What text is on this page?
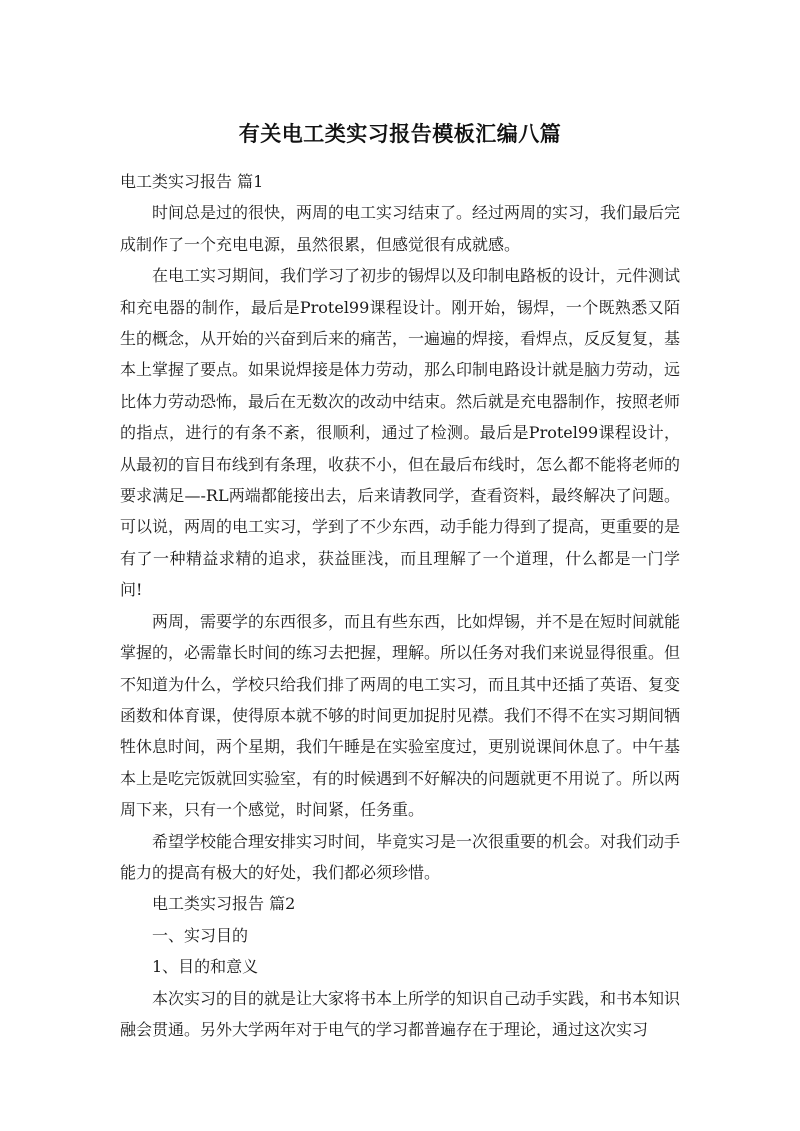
有关电工类实习报告模板汇编八篇

电工类实习报告 篇1

时间总是过的很快，两周的电工实习结束了。经过两周的实习，我们最后完成制作了一个充电电源，虽然很累，但感觉很有成就感。

在电工实习期间，我们学习了初步的锡焊以及印制电路板的设计，元件测试和充电器的制作，最后是Protel99课程设计。刚开始，锡焊，一个既熟悉又陌生的概念，从开始的兴奋到后来的痛苦，一遍遍的焊接，看焊点，反反复复，基本上掌握了要点。如果说焊接是体力劳动，那么印制电路设计就是脑力劳动，远比体力劳动恐怖，最后在无数次的改动中结束。然后就是充电器制作，按照老师的指点，进行的有条不紊，很顺利，通过了检测。最后是Protel99课程设计，从最初的盲目布线到有条理，收获不小，但在最后布线时，怎么都不能将老师的要求满足—-RL两端都能接出去，后来请教同学，查看资料，最终解决了问题。可以说，两周的电工实习，学到了不少东西，动手能力得到了提高，更重要的是有了一种精益求精的追求，获益匪浅，而且理解了一个道理，什么都是一门学问!

两周，需要学的东西很多，而且有些东西，比如焊锡，并不是在短时间就能掌握的，必需靠长时间的练习去把握，理解。所以任务对我们来说显得很重。但不知道为什么，学校只给我们排了两周的电工实习，而且其中还插了英语、复变函数和体育课，使得原本就不够的时间更加捉肘见襟。我们不得不在实习期间牺牲休息时间，两个星期，我们午睡是在实验室度过，更别说课间休息了。中午基本上是吃完饭就回实验室，有的时候遇到不好解决的问题就更不用说了。所以两周下来，只有一个感觉，时间紧，任务重。

希望学校能合理安排实习时间，毕竟实习是一次很重要的机会。对我们动手能力的提高有极大的好处，我们都必须珍惜。

电工类实习报告 篇2

一、实习目的

1、目的和意义

本次实习的目的就是让大家将书本上所学的知识自己动手实践，和书本知识融会贯通。另外大学两年对于电气的学习都普遍存在于理论，通过这次实习
